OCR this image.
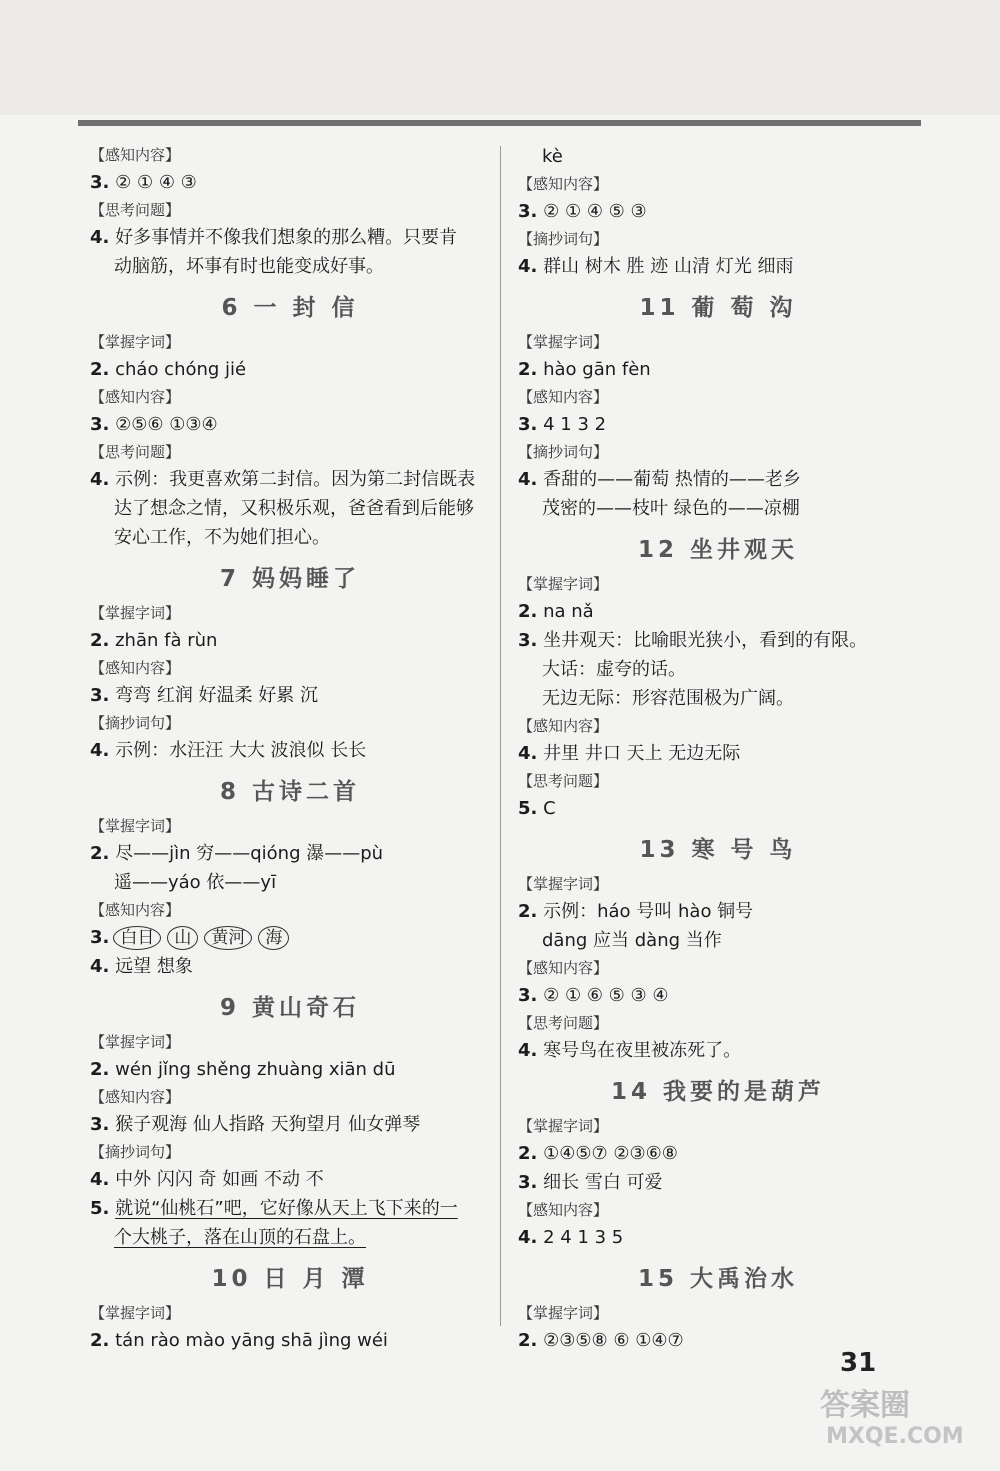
【感知内容】
3. ② ① ④ ③
【思考问题】
4. 好多事情并不像我们想象的那么糟。只要肯
动脑筋，坏事有时也能变成好事。
6 一 封 信
【掌握字词】
2. cháo chóng jié
【感知内容】
3. ②⑤⑥ ①③④
【思考问题】
4. 示例：我更喜欢第二封信。因为第二封信既表
达了想念之情，又积极乐观，爸爸看到后能够
安心工作，不为她们担心。
7 妈妈睡了
【掌握字词】
2. zhān fà rùn
【感知内容】
3. 弯弯 红润 好温柔 好累 沉
【摘抄词句】
4. 示例：水汪汪 大大 波浪似 长长
8 古诗二首
【掌握字词】
2. 尽——jìn 穷——qióng 瀑——pù
遥——yáo 依——yī
【感知内容】
3. 白日 山 黄河 海
4. 远望 想象
9 黄山奇石
【掌握字词】
2. wén jǐng shěng zhuàng xiān dū
【感知内容】
3. 猴子观海 仙人指路 天狗望月 仙女弹琴
【摘抄词句】
4. 中外 闪闪 奇 如画 不动 不
5. 就说“仙桃石”吧，它好像从天上飞下来的一
个大桃子，落在山顶的石盘上。
10 日 月 潭
【掌握字词】
2. tán rào mào yāng shā jìng wéi
kè
【感知内容】
3. ② ① ④ ⑤ ③
【摘抄词句】
4. 群山 树木 胜 迹 山清 灯光 细雨
11 葡 萄 沟
【掌握字词】
2. hào gān fèn
【感知内容】
3. 4 1 3 2
【摘抄词句】
4. 香甜的——葡萄 热情的——老乡
茂密的——枝叶 绿色的——凉棚
12 坐井观天
【掌握字词】
2. na nǎ
3. 坐井观天：比喻眼光狭小，看到的有限。
大话：虚夸的话。
无边无际：形容范围极为广阔。
【感知内容】
4. 井里 井口 天上 无边无际
【思考问题】
5. C
13 寒 号 鸟
【掌握字词】
2. 示例：háo 号叫 hào 铜号
dāng 应当 dàng 当作
【感知内容】
3. ② ① ⑥ ⑤ ③ ④
【思考问题】
4. 寒号鸟在夜里被冻死了。
14 我要的是葫芦
【掌握字词】
2. ①④⑤⑦ ②③⑥⑧
3. 细长 雪白 可爱
【感知内容】
4. 2 4 1 3 5
15 大禹治水
【掌握字词】
2. ②③⑤⑧ ⑥ ①④⑦
31
答案圈
MXQE.COM
